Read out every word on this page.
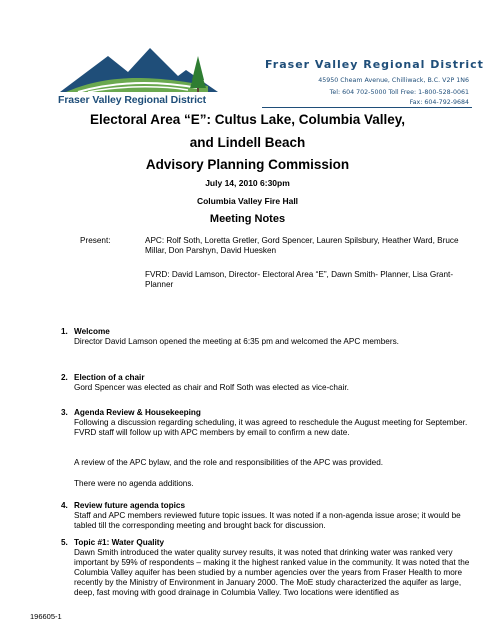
Fraser Valley Regional District
Fraser Valley Regional District
45950 Cheam Avenue, Chilliwack, B.C. V2P 1N6
Tel: 604 702-5000 Toll Free: 1-800-528-0061
Fax: 604-792-9684
Electoral Area “E”: Cultus Lake, Columbia Valley,
and Lindell Beach
Advisory Planning Commission
July 14, 2010 6:30pm
Columbia Valley Fire Hall
Meeting Notes
Present:	APC: Rolf Soth, Loretta Gretler, Gord Spencer, Lauren Spilsbury, Heather Ward, Bruce Millar, Don Parshyn, David Huesken
FVRD: David Lamson, Director- Electoral Area “E”, Dawn Smith- Planner, Lisa Grant- Planner
1. Welcome
Director David Lamson opened the meeting at 6:35 pm and welcomed the APC members.
2. Election of a chair
Gord Spencer was elected as chair and Rolf Soth was elected as vice-chair.
3. Agenda Review & Housekeeping
Following a discussion regarding scheduling, it was agreed to reschedule the August meeting for September. FVRD staff will follow up with APC members by email to confirm a new date.
A review of the APC bylaw, and the role and responsibilities of the APC was provided.
There were no agenda additions.
4. Review future agenda topics
Staff and APC members reviewed future topic issues. It was noted if a non-agenda issue arose; it would be tabled till the corresponding meeting and brought back for discussion.
5. Topic #1: Water Quality
Dawn Smith introduced the water quality survey results, it was noted that drinking water was ranked very important by 59% of respondents – making it the highest ranked value in the community. It was noted that the Columbia Valley aquifer has been studied by a number agencies over the years from Fraser Health to more recently by the Ministry of Environment in January 2000. The MoE study characterized the aquifer as large, deep, fast moving with good drainage in Columbia Valley. Two locations were identified as
196605-1
